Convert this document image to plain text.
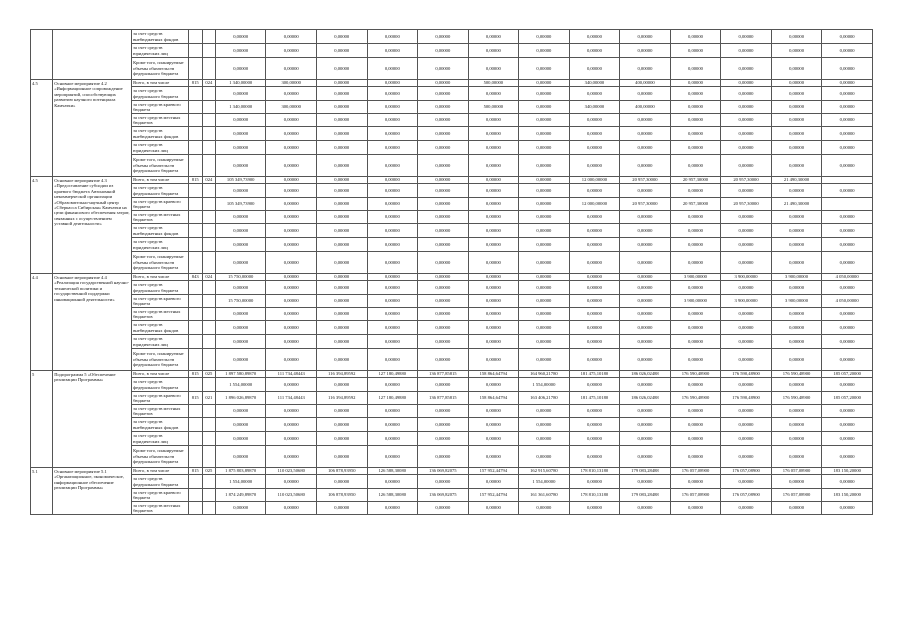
		за счет средств внебюджетных фондов			0,00000	0,00000	0,00000	0,00000	0,00000	0,00000	0,00000	0,00000	0,00000	0,00000	0,00000	0,00000	0,00000
		за счет средств юридических лиц			0,00000	0,00000	0,00000	0,00000	0,00000	0,00000	0,00000	0,00000	0,00000	0,00000	0,00000	0,00000	0,00000
		Кроме того, планируемые объемы обязательств федерального бюджета			0,00000	0,00000	0,00000	0,00000	0,00000	0,00000	0,00000	0,00000	0,00000	0,00000	0,00000	0,00000	0,00000
4.5	Основное мероприятие 4.2 «Информационное сопровождение мероприятий, способствующих развитию научного потенциала Камчатки»	Всего, в том числе	815	024	1 340,00000	300,00000	0,00000	0,00000	0,00000	500,00000	0,00000	340,00000	400,00000	0,00000	0,00000	0,00000	0,00000
		за счет средств федерального бюджета			0,00000	0,00000	0,00000	0,00000	0,00000	0,00000	0,00000	0,00000	0,00000	0,00000	0,00000	0,00000	0,00000
		за счет средств краевого бюджета			1 340,00000	300,00000	0,00000	0,00000	0,00000	500,00000	0,00000	340,00000	400,00000	0,00000	0,00000	0,00000	0,00000
		за счет средств местных бюджетов			0,00000	0,00000	0,00000	0,00000	0,00000	0,00000	0,00000	0,00000	0,00000	0,00000	0,00000	0,00000	0,00000
		за счет средств внебюджетных фондов			0,00000	0,00000	0,00000	0,00000	0,00000	0,00000	0,00000	0,00000	0,00000	0,00000	0,00000	0,00000	0,00000
		за счет средств юридических лиц			0,00000	0,00000	0,00000	0,00000	0,00000	0,00000	0,00000	0,00000	0,00000	0,00000	0,00000	0,00000	0,00000
		Кроме того, планируемые объемы обязательств федерального бюджета			0,00000	0,00000	0,00000	0,00000	0,00000	0,00000	0,00000	0,00000	0,00000	0,00000	0,00000	0,00000	0,00000
4.5	Основное мероприятие 4.3 «Предоставление субсидии из краевого бюджета Автономной некоммерческой организации «Образовательно-научный центр «Сберкасса Сибирская» Камчатки на цели финансового обеспечения затрат, связанных с осуществлением уставной деятельности»	Всего, в том числе	815	024	105 349,73900	0,00000	0,00000	0,00000	0,00000	0,00000	0,00000	12 000,00000	20 957,30000	20 957,30000	20 957,30000	21 490,30000	
		за счет средств федерального бюджета			0,00000	0,00000	0,00000	0,00000	0,00000	0,00000	0,00000	0,00000	0,00000	0,00000	0,00000	0,00000	0,00000
		за счет средств краевого бюджета			105 349,73900	0,00000	0,00000	0,00000	0,00000	0,00000	0,00000	12 000,00000	20 957,30000	20 957,30000	20 957,30000	21 490,30000	
		за счет средств местных бюджетов			0,00000	0,00000	0,00000	0,00000	0,00000	0,00000	0,00000	0,00000	0,00000	0,00000	0,00000	0,00000	0,00000
		за счет средств внебюджетных фондов			0,00000	0,00000	0,00000	0,00000	0,00000	0,00000	0,00000	0,00000	0,00000	0,00000	0,00000	0,00000	0,00000
		за счет средств юридических лиц			0,00000	0,00000	0,00000	0,00000	0,00000	0,00000	0,00000	0,00000	0,00000	0,00000	0,00000	0,00000	0,00000
		Кроме того, планируемые объемы обязательств федерального бюджета			0,00000	0,00000	0,00000	0,00000	0,00000	0,00000	0,00000	0,00000	0,00000	0,00000	0,00000	0,00000	0,00000
4.4	Основное мероприятие 4.4 «Реализация государственной научно-технической политики и государственной поддержки инновационной деятельности»	Всего, в том числе	843	024	15 750,00000	0,00000	0,00000	0,00000	0,00000	0,00000	0,00000	0,00000	0,00000	3 900,00000	3 900,00000	3 900,00000	4 050,00000
		за счет средств федерального бюджета			0,00000	0,00000	0,00000	0,00000	0,00000	0,00000	0,00000	0,00000	0,00000	0,00000	0,00000	0,00000	0,00000
		за счет средств краевого бюджета			15 750,00000	0,00000	0,00000	0,00000	0,00000	0,00000	0,00000	0,00000	0,00000	3 900,00000	3 900,00000	3 900,00000	4 050,00000
		за счет средств местных бюджетов			0,00000	0,00000	0,00000	0,00000	0,00000	0,00000	0,00000	0,00000	0,00000	0,00000	0,00000	0,00000	0,00000
		за счет средств внебюджетных фондов			0,00000	0,00000	0,00000	0,00000	0,00000	0,00000	0,00000	0,00000	0,00000	0,00000	0,00000	0,00000	0,00000
		за счет средств юридических лиц			0,00000	0,00000	0,00000	0,00000	0,00000	0,00000	0,00000	0,00000	0,00000	0,00000	0,00000	0,00000	0,00000
		Кроме того, планируемые объемы обязательств федерального бюджета			0,00000	0,00000	0,00000	0,00000	0,00000	0,00000	0,00000	0,00000	0,00000	0,00000	0,00000	0,00000	0,00000
5	Подпрограмма 5 «Обеспечение реализации Программы»	Всего, в том числе	815	025	1 897 580,89870	111 734,48443	116 394,89592	127 180,49880	136 877,85815	158 864,64794	164 960,21780	181 475,10180	186 026,02488	176 590,48900	176 590,48900	176 590,48900	185 057,20000
		за счет средств федерального бюджета			1 554,00000	0,00000	0,00000	0,00000	0,00000	0,00000	1 554,00000	0,00000	0,00000	0,00000	0,00000	0,00000	0,00000
		за счет средств краевого бюджета	815	021	1 896 026,89870	111 734,48443	116 394,89592	127 180,49880	136 877,85815	158 864,64794	163 406,21780	181 475,10180	186 026,02488	176 590,48900	176 590,48900	176 590,48900	185 057,20000
		за счет средств местных бюджетов			0,00000	0,00000	0,00000	0,00000	0,00000	0,00000	0,00000	0,00000	0,00000	0,00000	0,00000	0,00000	0,00000
		за счет средств внебюджетных фондов			0,00000	0,00000	0,00000	0,00000	0,00000	0,00000	0,00000	0,00000	0,00000	0,00000	0,00000	0,00000	0,00000
		за счет средств юридических лиц			0,00000	0,00000	0,00000	0,00000	0,00000	0,00000	0,00000	0,00000	0,00000	0,00000	0,00000	0,00000	0,00000
		Кроме того, планируемые объемы обязательств федерального бюджета			0,00000	0,00000	0,00000	0,00000	0,00000	0,00000	0,00000	0,00000	0,00000	0,00000	0,00000	0,00000	0,00000
5.1	Основное мероприятие 5.1 «Организационное, экономическое, информационное обеспечение реализации Программы»	Всего, в том числе	815	025	1 875 803,89870	110 023,50680	106 878,93950	126 588,30080	136 069,82075	157 952,44794	162 915,60780	178 810,13180	179 083,28488	176 057,08900	176 057,08900	176 057,08900	183 150,20000
		за счет средств федерального бюджета			1 554,00000	0,00000	0,00000	0,00000	0,00000	0,00000	1 554,00000	0,00000	0,00000	0,00000	0,00000	0,00000	0,00000
		за счет средств краевого бюджета			1 874 249,89870	110 023,50680	106 878,93950	126 588,30080	136 069,82075	157 952,44794	161 361,60780	178 810,13180	179 083,28488	176 057,08900	176 057,08900	176 057,08900	183 150,20000
		за счет средств местных бюджетов			0,00000	0,00000	0,00000	0,00000	0,00000	0,00000	0,00000	0,00000	0,00000	0,00000	0,00000	0,00000	0,00000
